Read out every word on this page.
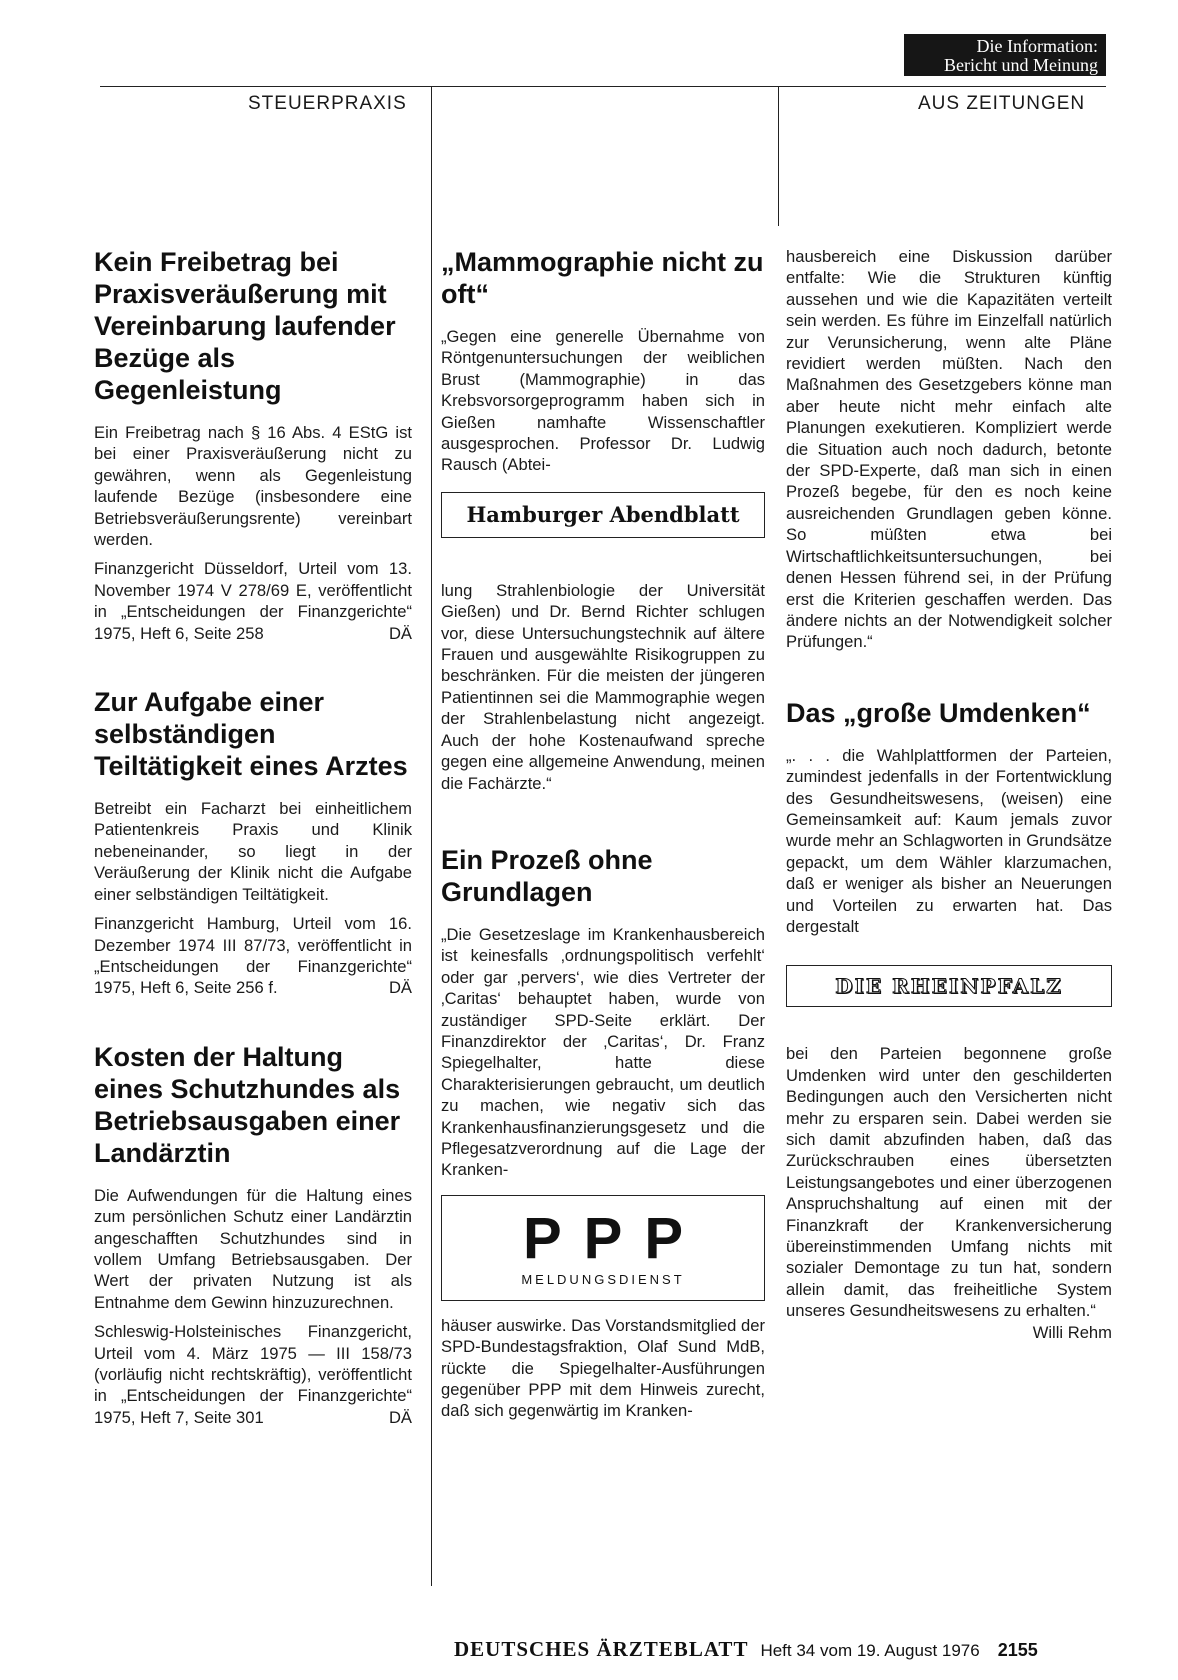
Die Information:
Bericht und Meinung
STEUERPRAXIS	AUS ZEITUNGEN
Kein Freibetrag bei Praxisveräußerung mit Vereinbarung laufender Bezüge als Gegenleistung

Ein Freibetrag nach § 16 Abs. 4 EStG ist bei einer Praxisveräußerung nicht zu gewähren, wenn als Gegenleistung laufende Bezüge (insbesondere eine Betriebsveräußerungsrente) vereinbart werden.

Finanzgericht Düsseldorf, Urteil vom 13. November 1974 V 278/69 E, veröffentlicht in „Entscheidungen der Finanzgerichte“ 1975, Heft 6, Seite 258	DÄ

Zur Aufgabe einer selbständigen Teiltätigkeit eines Arztes

Betreibt ein Facharzt bei einheitlichem Patientenkreis Praxis und Klinik nebeneinander, so liegt in der Veräußerung der Klinik nicht die Aufgabe einer selbständigen Teiltätigkeit.

Finanzgericht Hamburg, Urteil vom 16. Dezember 1974 III 87/73, veröffentlicht in „Entscheidungen der Finanzgerichte“ 1975, Heft 6, Seite 256 f.	DÄ

Kosten der Haltung eines Schutzhundes als Betriebsausgaben einer Landärztin

Die Aufwendungen für die Haltung eines zum persönlichen Schutz einer Landärztin angeschafften Schutzhundes sind in vollem Umfang Betriebsausgaben. Der Wert der privaten Nutzung ist als Entnahme dem Gewinn hinzuzurechnen.

Schleswig-Holsteinisches Finanzgericht, Urteil vom 4. März 1975 — III 158/73 (vorläufig nicht rechtskräftig), veröffentlicht in „Entscheidungen der Finanzgerichte“ 1975, Heft 7, Seite 301	DÄ

„Mammographie nicht zu oft“

„Gegen eine generelle Übernahme von Röntgenuntersuchungen der weiblichen Brust (Mammographie) in das Krebsvorsorgeprogramm haben sich in Gießen namhafte Wissenschaftler ausgesprochen. Professor Dr. Ludwig Rausch (Abtei-

Hamburger Abendblatt

lung Strahlenbiologie der Universität Gießen) und Dr. Bernd Richter schlugen vor, diese Untersuchungstechnik auf ältere Frauen und ausgewählte Risikogruppen zu beschränken. Für die meisten der jüngeren Patientinnen sei die Mammographie wegen der Strahlenbelastung nicht angezeigt. Auch der hohe Kostenaufwand spreche gegen eine allgemeine Anwendung, meinen die Fachärzte.“

Ein Prozeß ohne Grundlagen

„Die Gesetzeslage im Krankenhausbereich ist keinesfalls ‚ordnungspolitisch verfehlt‘ oder gar ‚pervers‘, wie dies Vertreter der ‚Caritas‘ behauptet haben, wurde von zuständiger SPD-Seite erklärt. Der Finanzdirektor der ‚Caritas‘, Dr. Franz Spiegelhalter, hatte diese Charakterisierungen gebraucht, um deutlich zu machen, wie negativ sich das Krankenhausfinanzierungsgesetz und die Pflegesatzverordnung auf die Lage der Kranken-

PPP
MELDUNGSDIENST

häuser auswirke. Das Vorstandsmitglied der SPD-Bundestagsfraktion, Olaf Sund MdB, rückte die Spiegelhalter-Ausführungen gegenüber PPP mit dem Hinweis zurecht, daß sich gegenwärtig im Kranken-

hausbereich eine Diskussion darüber entfalte: Wie die Strukturen künftig aussehen und wie die Kapazitäten verteilt sein werden. Es führe im Einzelfall natürlich zur Verunsicherung, wenn alte Pläne revidiert werden müßten. Nach den Maßnahmen des Gesetzgebers könne man aber heute nicht mehr einfach alte Planungen exekutieren. Kompliziert werde die Situation auch noch dadurch, betonte der SPD-Experte, daß man sich in einen Prozeß begebe, für den es noch keine ausreichenden Grundlagen geben könne. So müßten etwa bei Wirtschaftlichkeitsuntersuchungen, bei denen Hessen führend sei, in der Prüfung erst die Kriterien geschaffen werden. Das ändere nichts an der Notwendigkeit solcher Prüfungen.“

Das „große Umdenken“

„. . . die Wahlplattformen der Parteien, zumindest jedenfalls in der Fortentwicklung des Gesundheitswesens, (weisen) eine Gemeinsamkeit auf: Kaum jemals zuvor wurde mehr an Schlagworten in Grundsätze gepackt, um dem Wähler klarzumachen, daß er weniger als bisher an Neuerungen und Vorteilen zu erwarten hat. Das dergestalt

DIE RHEINPFALZ

bei den Parteien begonnene große Umdenken wird unter den geschilderten Bedingungen auch den Versicherten nicht mehr zu ersparen sein. Dabei werden sie sich damit abzufinden haben, daß das Zurückschrauben eines übersetzten Leistungsangebotes und einer überzogenen Anspruchshaltung auf einen mit der Finanzkraft der Krankenversicherung übereinstimmenden Umfang nichts mit sozialer Demontage zu tun hat, sondern allein damit, das freiheitliche System unseres Gesundheitswesens zu erhalten.“
Willi Rehm

DEUTSCHES ÄRZTEBLATT Heft 34 vom 19. August 1976 2155
